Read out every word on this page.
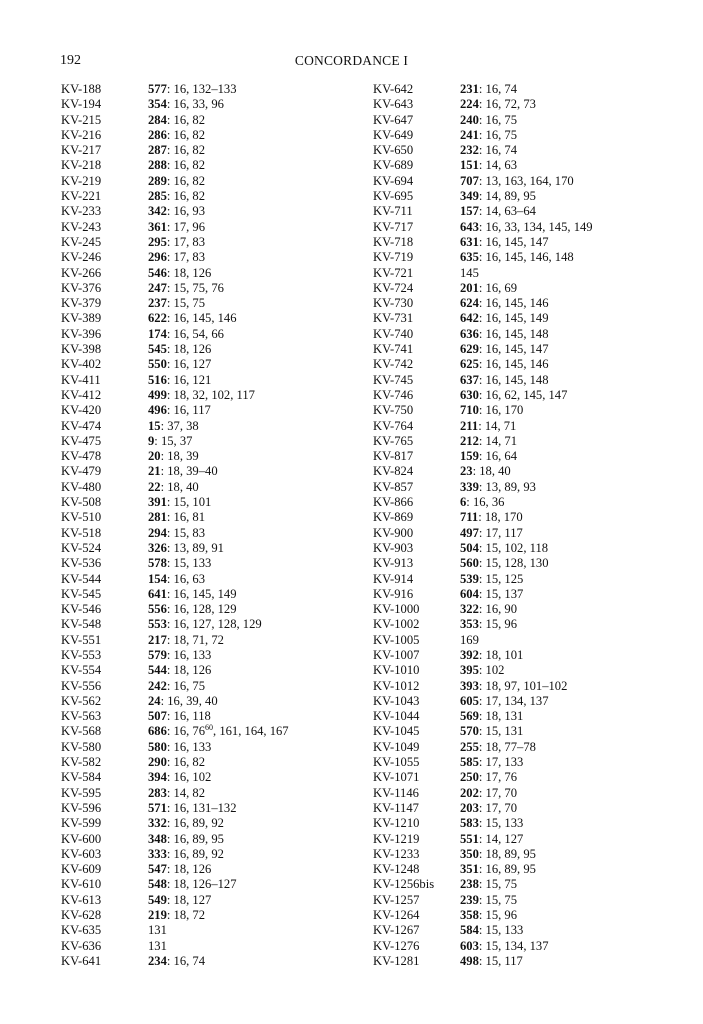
192	CONCORDANCE I
KV-188	577: 16, 132–133
KV-194	354: 16, 33, 96
KV-215	284: 16, 82
KV-216	286: 16, 82
KV-217	287: 16, 82
KV-218	288: 16, 82
KV-219	289: 16, 82
KV-221	285: 16, 82
KV-233	342: 16, 93
KV-243	361: 17, 96
KV-245	295: 17, 83
KV-246	296: 17, 83
KV-266	546: 18, 126
KV-376	247: 15, 75, 76
KV-379	237: 15, 75
KV-389	622: 16, 145, 146
KV-396	174: 16, 54, 66
KV-398	545: 18, 126
KV-402	550: 16, 127
KV-411	516: 16, 121
KV-412	499: 18, 32, 102, 117
KV-420	496: 16, 117
KV-474	15: 37, 38
KV-475	9: 15, 37
KV-478	20: 18, 39
KV-479	21: 18, 39–40
KV-480	22: 18, 40
KV-508	391: 15, 101
KV-510	281: 16, 81
KV-518	294: 15, 83
KV-524	326: 13, 89, 91
KV-536	578: 15, 133
KV-544	154: 16, 63
KV-545	641: 16, 145, 149
KV-546	556: 16, 128, 129
KV-548	553: 16, 127, 128, 129
KV-551	217: 18, 71, 72
KV-553	579: 16, 133
KV-554	544: 18, 126
KV-556	242: 16, 75
KV-562	24: 16, 39, 40
KV-563	507: 16, 118
KV-568	686: 16, $76^{60}$, 161, 164, 167
KV-580	580: 16, 133
KV-582	290: 16, 82
KV-584	394: 16, 102
KV-595	283: 14, 82
KV-596	571: 16, 131–132
KV-599	332: 16, 89, 92
KV-600	348: 16, 89, 95
KV-603	333: 16, 89, 92
KV-609	547: 18, 126
KV-610	548: 18, 126–127
KV-613	549: 18, 127
KV-628	219: 18, 72
KV-635	131
KV-636	131
KV-641	234: 16, 74
KV-642	231: 16, 74
KV-643	224: 16, 72, 73
KV-647	240: 16, 75
KV-649	241: 16, 75
KV-650	232: 16, 74
KV-689	151: 14, 63
KV-694	707: 13, 163, 164, 170
KV-695	349: 14, 89, 95
KV-711	157: 14, 63–64
KV-717	643: 16, 33, 134, 145, 149
KV-718	631: 16, 145, 147
KV-719	635: 16, 145, 146, 148
KV-721	145
KV-724	201: 16, 69
KV-730	624: 16, 145, 146
KV-731	642: 16, 145, 149
KV-740	636: 16, 145, 148
KV-741	629: 16, 145, 147
KV-742	625: 16, 145, 146
KV-745	637: 16, 145, 148
KV-746	630: 16, 62, 145, 147
KV-750	710: 16, 170
KV-764	211: 14, 71
KV-765	212: 14, 71
KV-817	159: 16, 64
KV-824	23: 18, 40
KV-857	339: 13, 89, 93
KV-866	6: 16, 36
KV-869	711: 18, 170
KV-900	497: 17, 117
KV-903	504: 15, 102, 118
KV-913	560: 15, 128, 130
KV-914	539: 15, 125
KV-916	604: 15, 137
KV-1000	322: 16, 90
KV-1002	353: 15, 96
KV-1005	169
KV-1007	392: 18, 101
KV-1010	395: 102
KV-1012	393: 18, 97, 101–102
KV-1043	605: 17, 134, 137
KV-1044	569: 18, 131
KV-1045	570: 15, 131
KV-1049	255: 18, 77–78
KV-1055	585: 17, 133
KV-1071	250: 17, 76
KV-1146	202: 17, 70
KV-1147	203: 17, 70
KV-1210	583: 15, 133
KV-1219	551: 14, 127
KV-1233	350: 18, 89, 95
KV-1248	351: 16, 89, 95
KV-1256bis 238: 15, 75
KV-1257	239: 15, 75
KV-1264	358: 15, 96
KV-1267	584: 15, 133
KV-1276	603: 15, 134, 137
KV-1281	498: 15, 117
